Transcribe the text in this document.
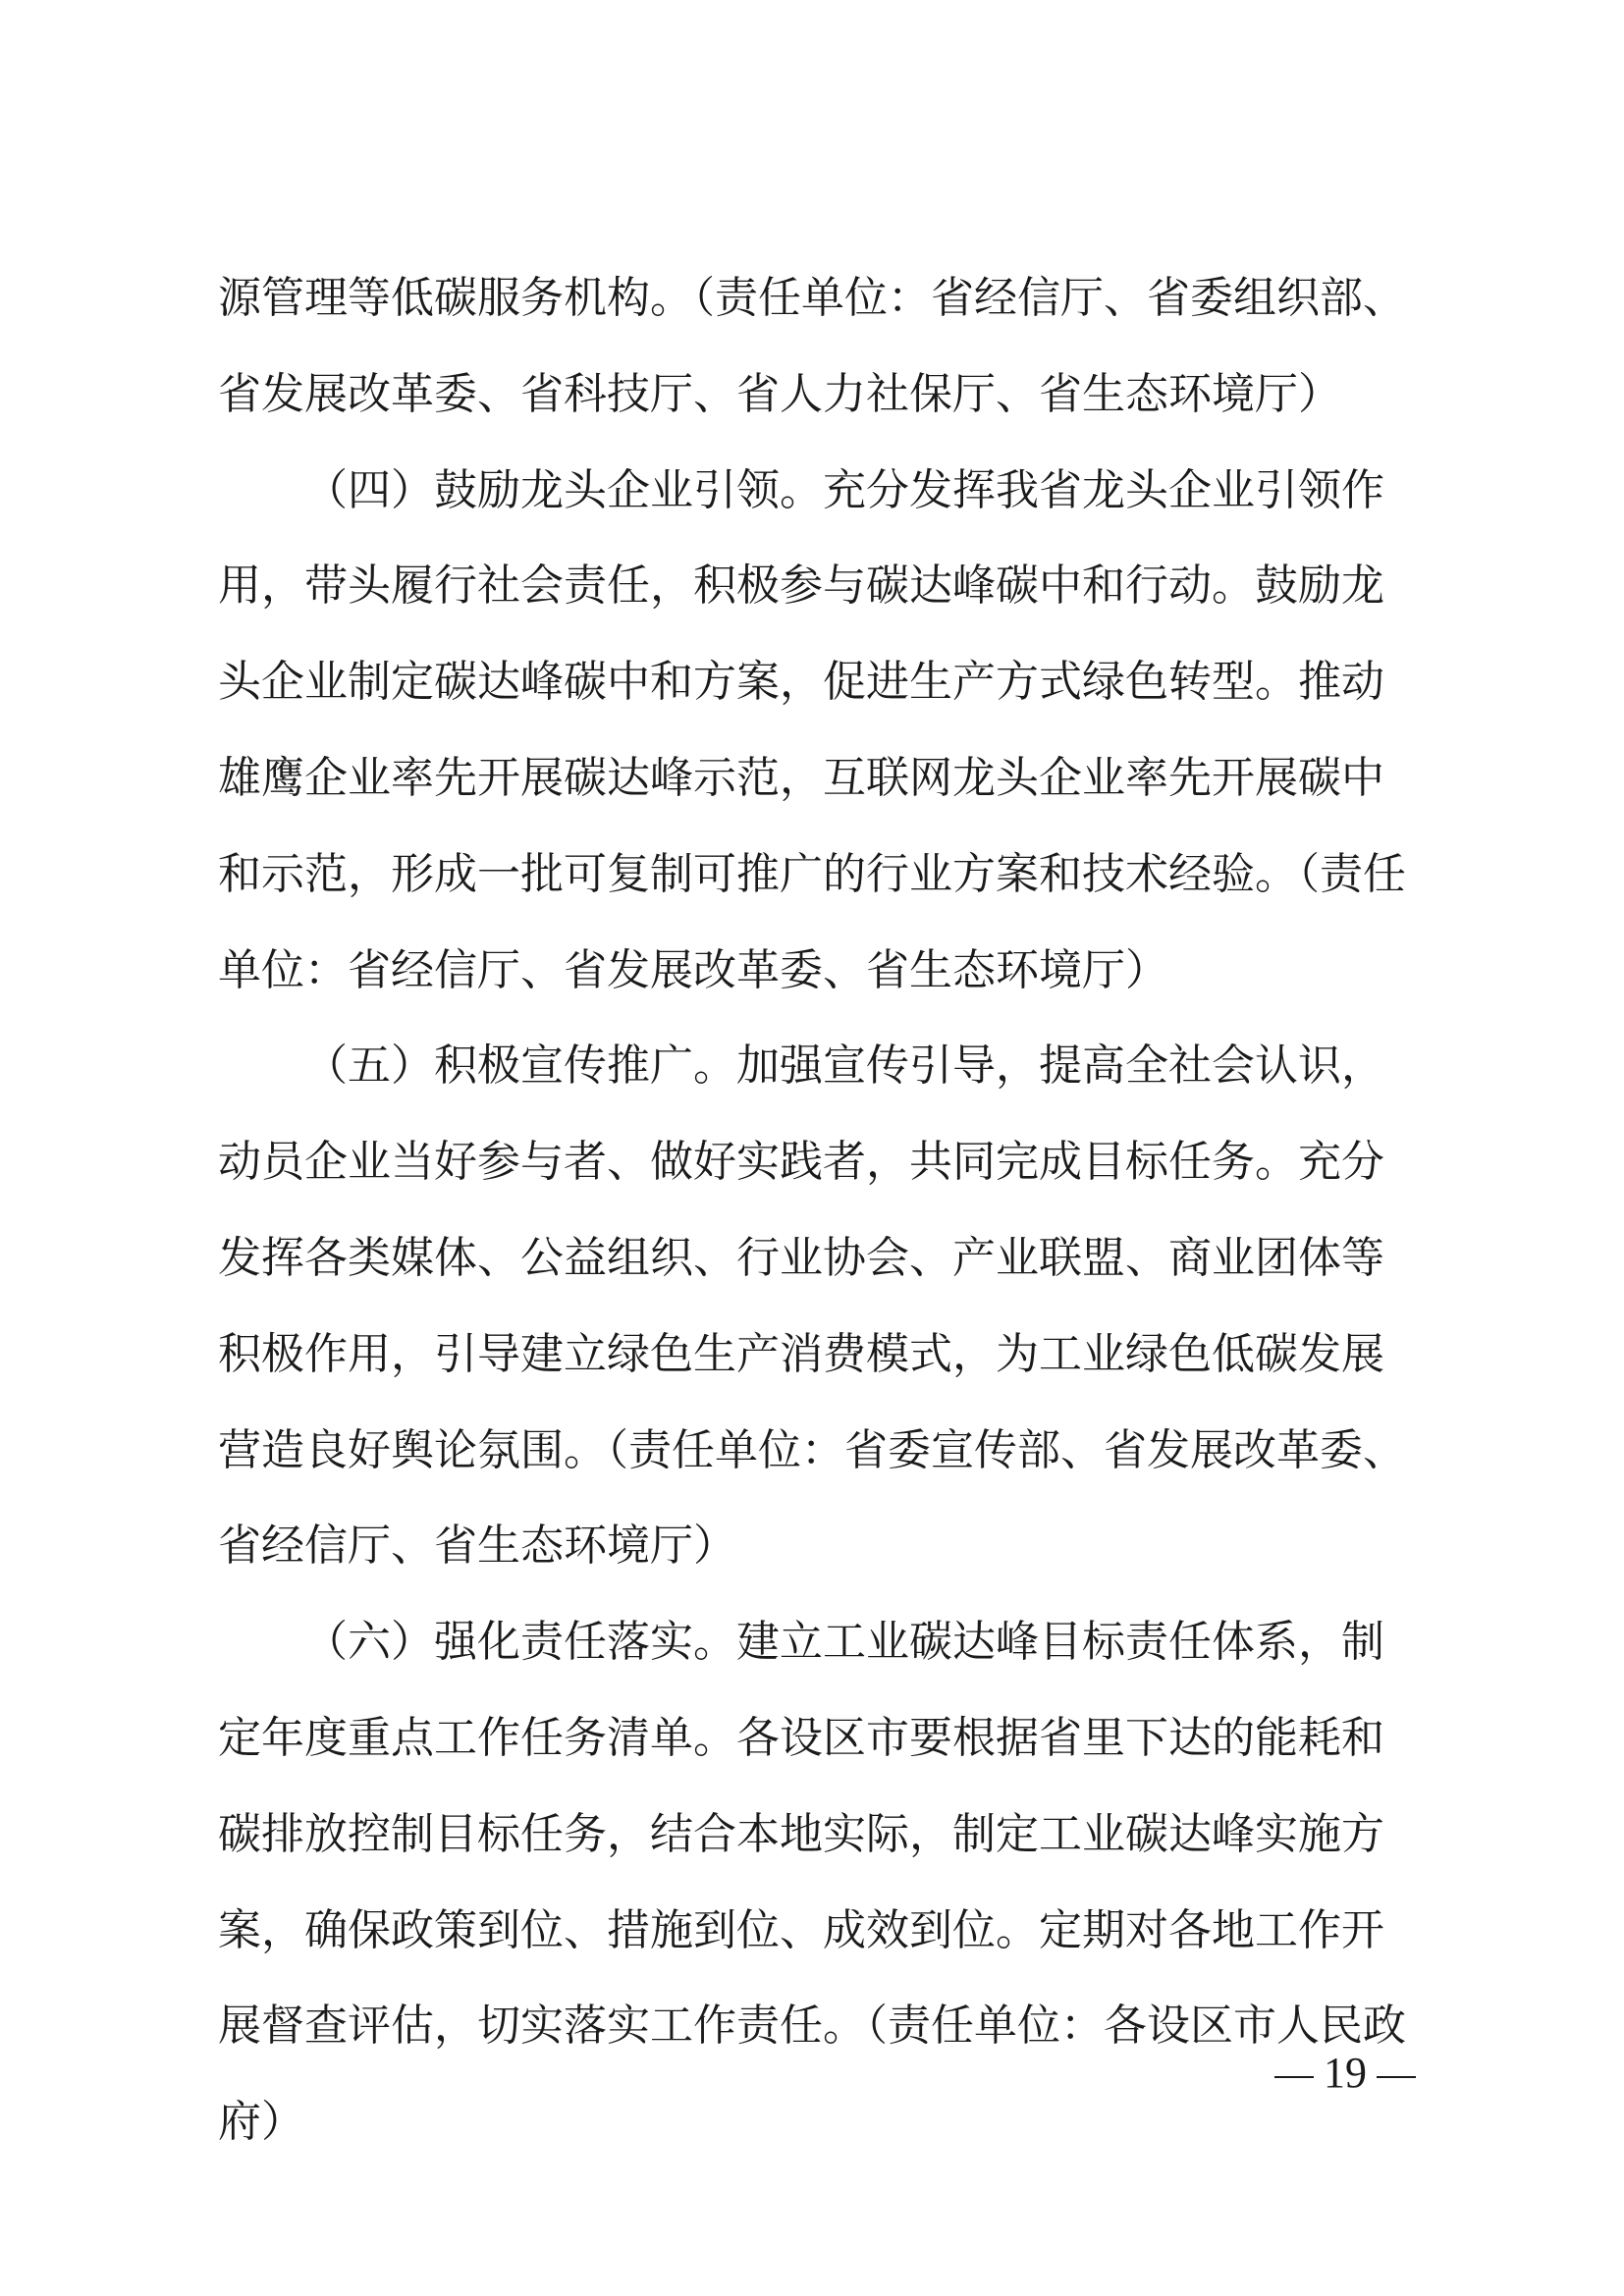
源管理等低碳服务机构。（责任单位：省经信厅、省委组织部、
省发展改革委、省科技厅、省人力社保厅、省生态环境厅）
（四）鼓励龙头企业引领。充分发挥我省龙头企业引领作
用，带头履行社会责任，积极参与碳达峰碳中和行动。鼓励龙
头企业制定碳达峰碳中和方案，促进生产方式绿色转型。推动
雄鹰企业率先开展碳达峰示范，互联网龙头企业率先开展碳中
和示范，形成一批可复制可推广的行业方案和技术经验。（责任
单位：省经信厅、省发展改革委、省生态环境厅）
（五）积极宣传推广。加强宣传引导，提高全社会认识，
动员企业当好参与者、做好实践者，共同完成目标任务。充分
发挥各类媒体、公益组织、行业协会、产业联盟、商业团体等
积极作用，引导建立绿色生产消费模式，为工业绿色低碳发展
营造良好舆论氛围。（责任单位：省委宣传部、省发展改革委、
省经信厅、省生态环境厅）
（六）强化责任落实。建立工业碳达峰目标责任体系，制
定年度重点工作任务清单。各设区市要根据省里下达的能耗和
碳排放控制目标任务，结合本地实际，制定工业碳达峰实施方
案，确保政策到位、措施到位、成效到位。定期对各地工作开
展督查评估，切实落实工作责任。（责任单位：各设区市人民政
府）
19
